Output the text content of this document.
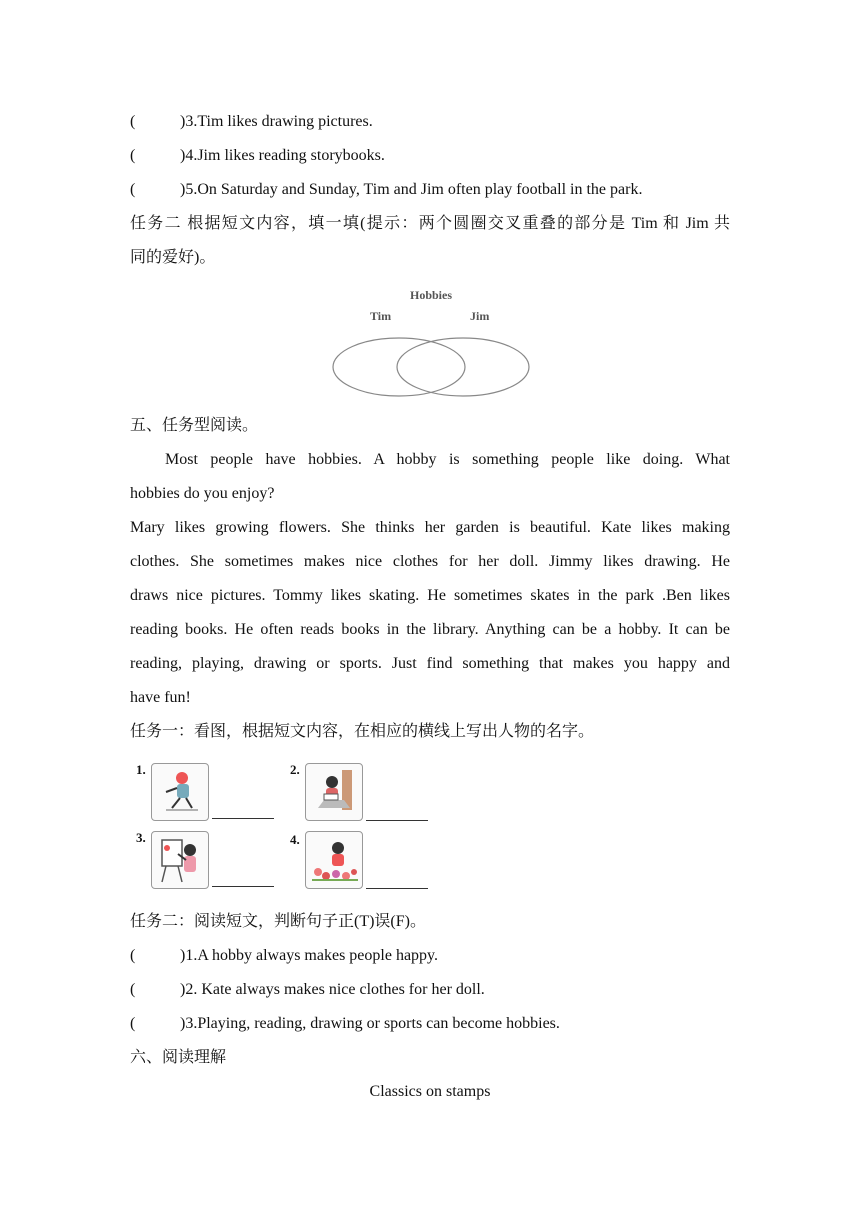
(	)3.Tim likes drawing pictures.
(	)4.Jim likes reading storybooks.
(	)5.On Saturday and Sunday, Tim and Jim often play football in the park.
任务二 根据短文内容，填一填(提示：两个圆圈交叉重叠的部分是 Tim 和 Jim 共
同的爱好)。
Hobbies
Tim	Jim
五、任务型阅读。
Most people have hobbies. A hobby is something people like doing. What
hobbies do you enjoy?
Mary likes growing flowers. She thinks her garden is beautiful. Kate likes making
clothes. She sometimes makes nice clothes for her doll. Jimmy likes drawing. He
draws nice pictures. Tommy likes skating. He sometimes skates in the park .Ben likes
reading books. He often reads books in the library. Anything can be a hobby. It can be
reading, playing, drawing or sports. Just find something that makes you happy and
have fun!
任务一：看图，根据短文内容，在相应的横线上写出人物的名字。
1.	2.
3.	4.
任务二：阅读短文，判断句子正(T)误(F)。
(	)1.A hobby always makes people happy.
(	)2. Kate always makes nice clothes for her doll.
(	)3.Playing, reading, drawing or sports can become hobbies.
六、阅读理解
Classics on stamps
